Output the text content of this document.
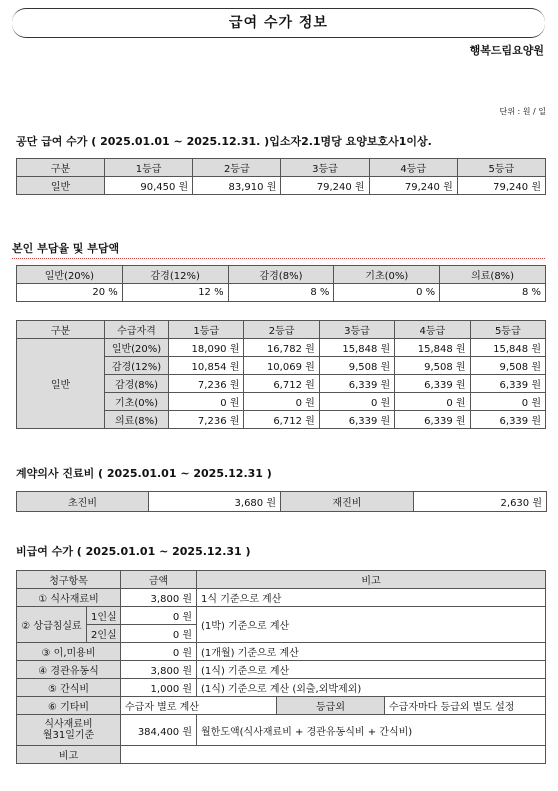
급여 수가 정보
행복드림요양원
단위 : 원 / 일
공단 급여 수가 ( 2025.01.01 ~ 2025.12.31. )입소자2.1명당 요양보호사1이상.
구분	1등급	2등급	3등급	4등급	5등급
일반	90,450 원	83,910 원	79,240 원	79,240 원	79,240 원
본인 부담율 및 부담액
일반(20%)	감경(12%)	감경(8%)	기초(0%)	의료(8%)
20 %	12 %	8 %	0 %	8 %
구분	수급자격	1등급	2등급	3등급	4등급	5등급
일반	일반(20%)	18,090 원	16,782 원	15,848 원	15,848 원	15,848 원
	감경(12%)	10,854 원	10,069 원	9,508 원	9,508 원	9,508 원
	감경(8%)	7,236 원	6,712 원	6,339 원	6,339 원	6,339 원
	기초(0%)	0 원	0 원	0 원	0 원	0 원
	의료(8%)	7,236 원	6,712 원	6,339 원	6,339 원	6,339 원
계약의사 진료비 ( 2025.01.01 ~ 2025.12.31 )
초진비	3,680 원	재진비	2,630 원
비급여 수가 ( 2025.01.01 ~ 2025.12.31 )
청구항목		금액	비고		
① 식사재료비		3,800 원	1식 기준으로 계산		
② 상급침실료	1인실	0 원	(1박) 기준으로 계산		
	2인실	0 원			
③ 이,미용비		0 원	(1개월) 기준으로 계산		
④ 경관유동식		3,800 원	(1식) 기준으로 계산		
⑤ 간식비		1,000 원	(1식) 기준으로 계산 (외출,외박제외)		
⑥ 기타비		수급자 별로 계산		등급외	수급자마다 등급외 별도 설정

식사재료비
월31일기준		384,400 원	월한도액(식사재료비 + 경관유동식비 + 간식비)		
비고					
